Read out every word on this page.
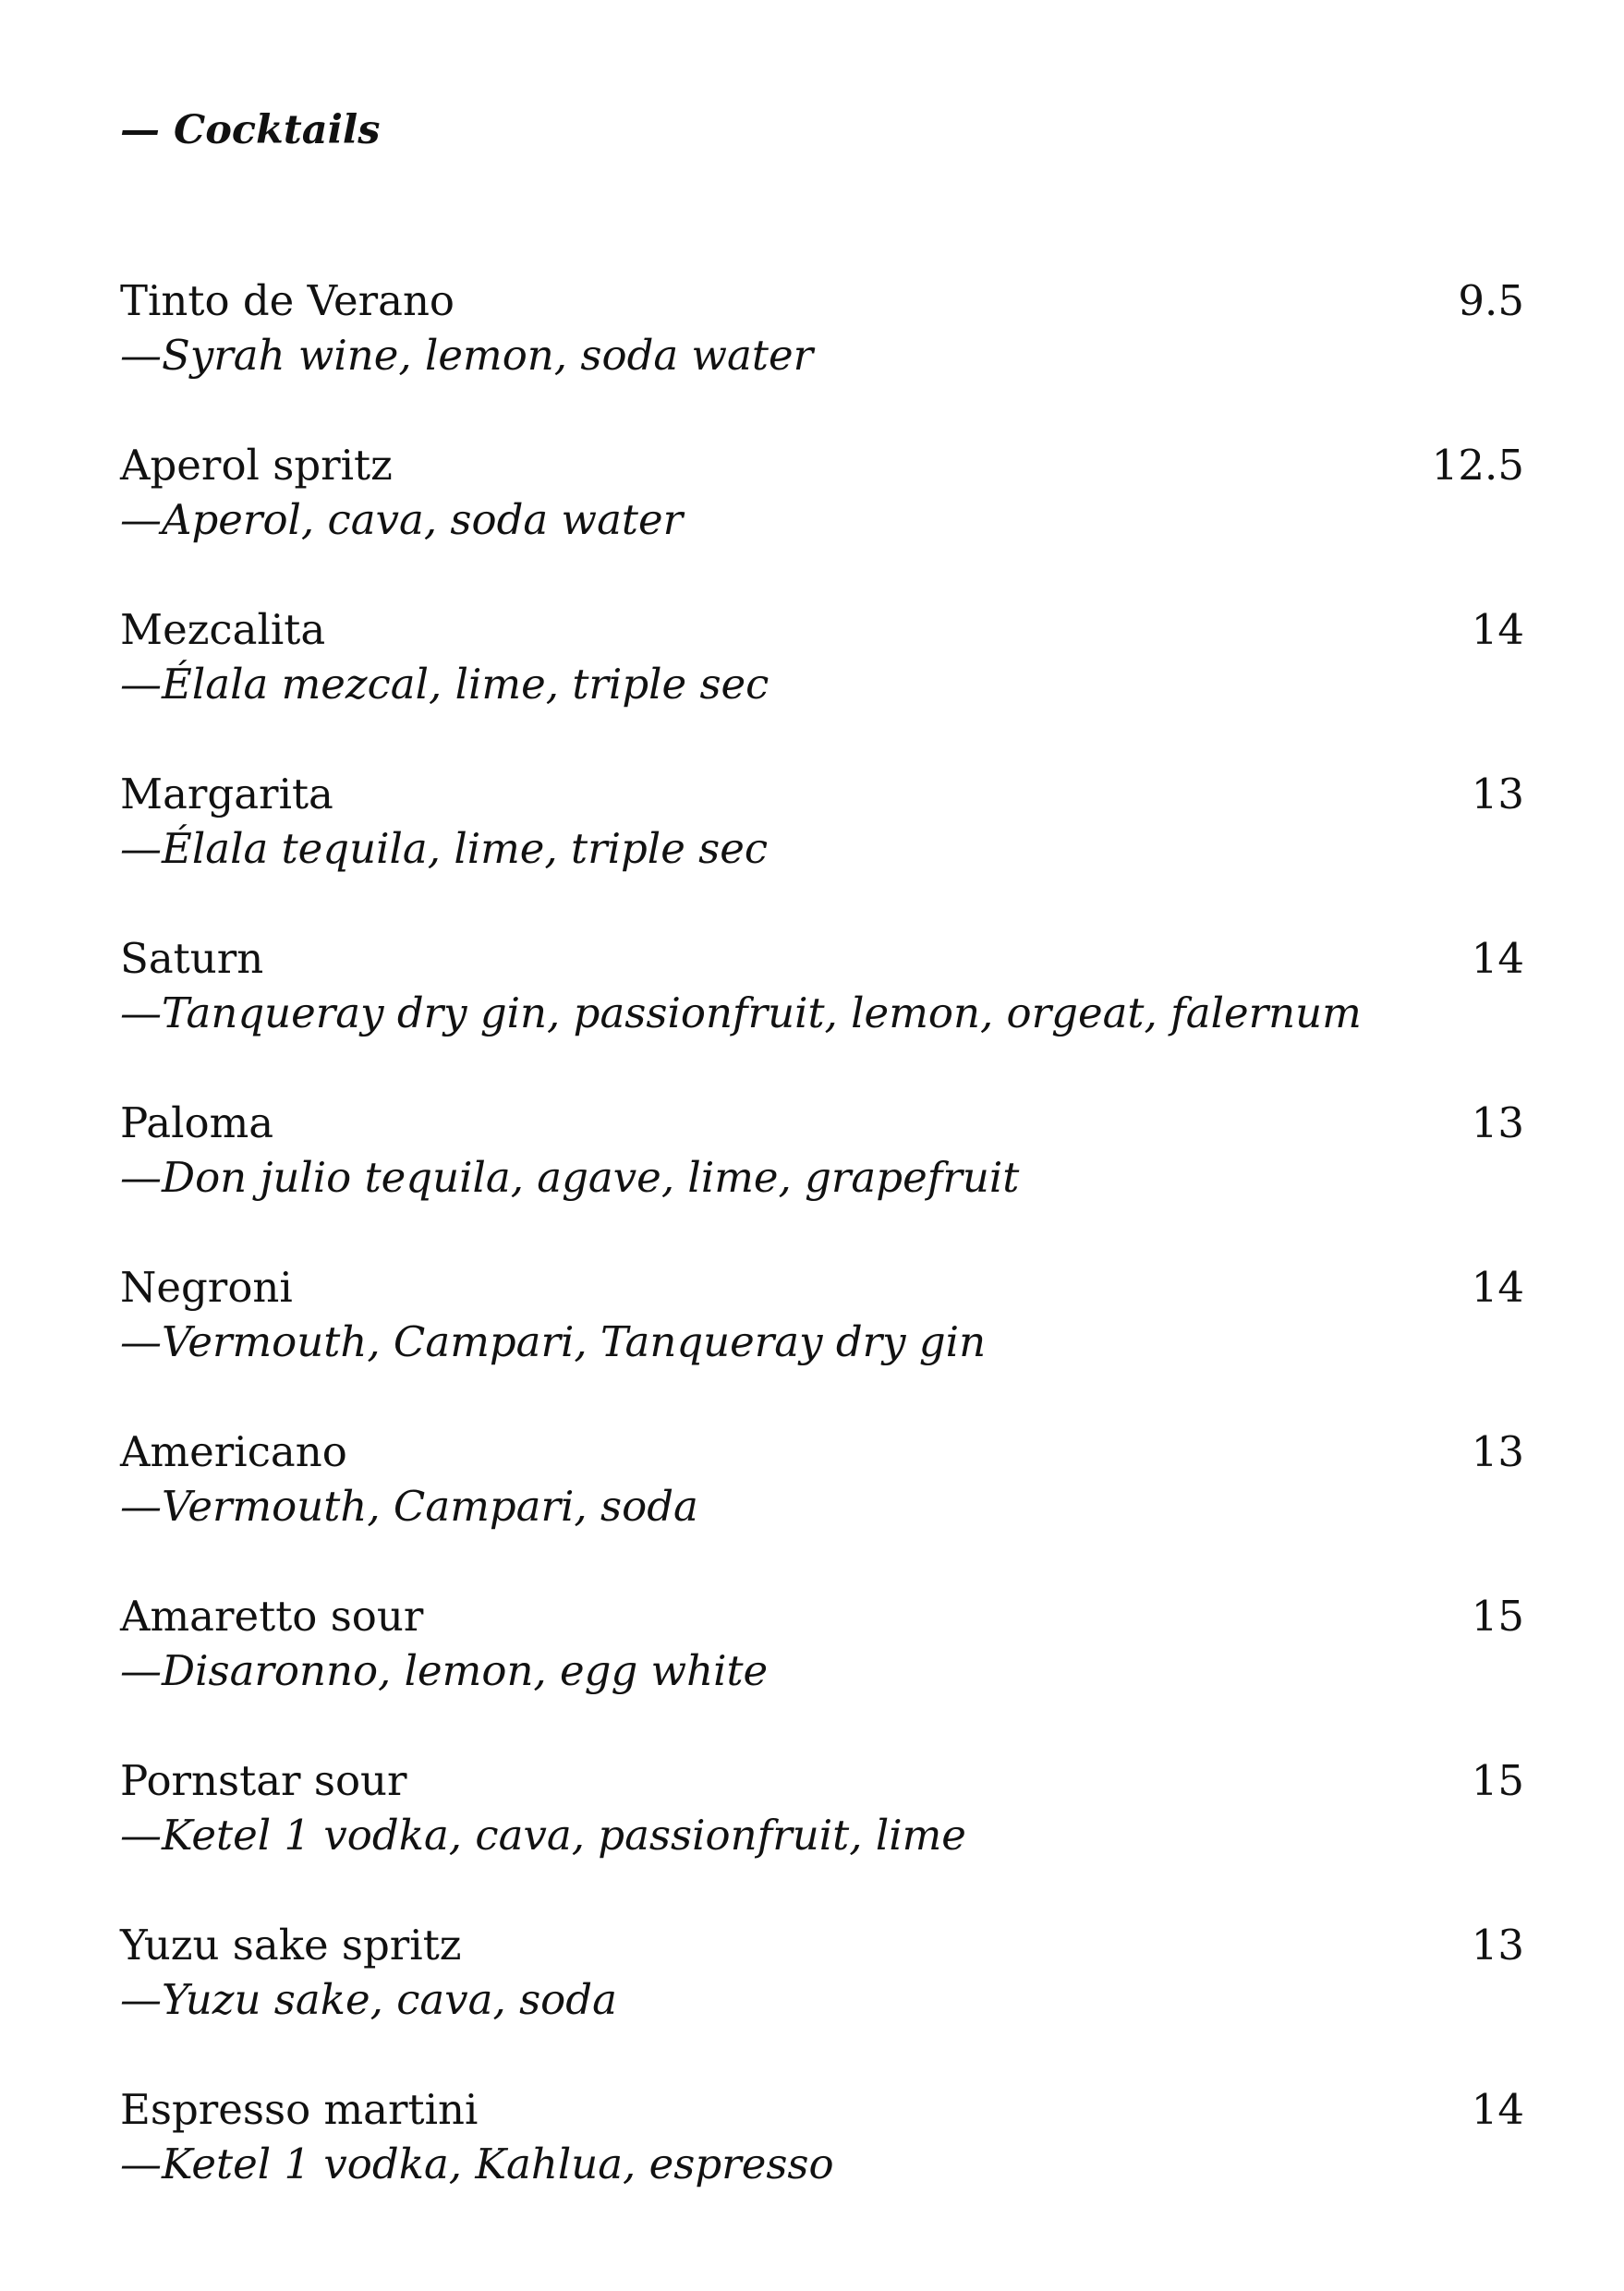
— Cocktails
Tinto de Verano	9.5
—Syrah wine, lemon, soda water
Aperol spritz	12.5
—Aperol, cava, soda water
Mezcalita	14
—Élala mezcal, lime, triple sec
Margarita	13
—Élala tequila, lime, triple sec
Saturn	14
—Tanqueray dry gin, passionfruit, lemon, orgeat, falernum
Paloma	13
—Don julio tequila, agave, lime, grapefruit
Negroni	14
—Vermouth, Campari, Tanqueray dry gin
Americano	13
—Vermouth, Campari, soda
Amaretto sour	15
—Disaronno, lemon, egg white
Pornstar sour	15
—Ketel 1 vodka, cava, passionfruit, lime
Yuzu sake spritz	13
—Yuzu sake, cava, soda
Espresso martini	14
—Ketel 1 vodka, Kahlua, espresso
